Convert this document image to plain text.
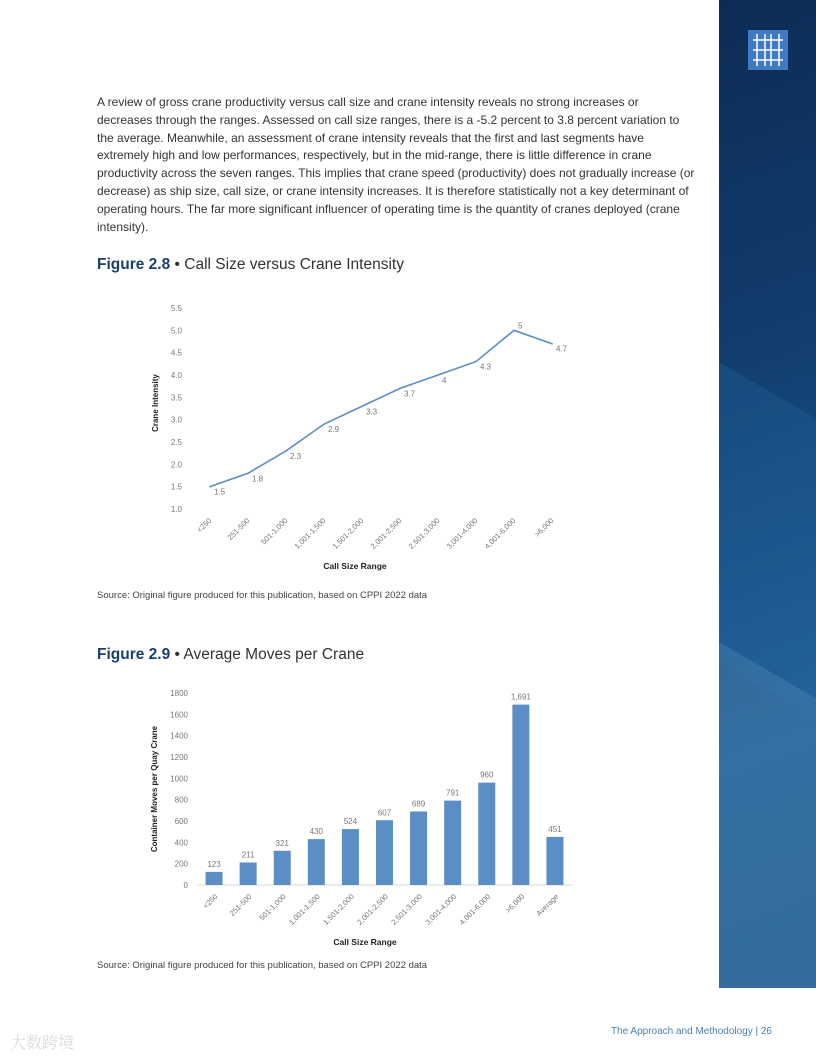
A review of gross crane productivity versus call size and crane intensity reveals no strong increases or decreases through the ranges. Assessed on call size ranges, there is a -5.2 percent to 3.8 percent variation to the average. Meanwhile, an assessment of crane intensity reveals that the first and last segments have extremely high and low performances, respectively, but in the mid-range, there is little difference in crane productivity across the seven ranges. This implies that crane speed (productivity) does not gradually increase (or decrease) as ship size, call size, or crane intensity increases. It is therefore statistically not a key determinant of operating hours. The far more significant influencer of operating time is the quantity of cranes deployed (crane intensity).

Figure 2.8 • Call Size versus Crane Intensity
1.0
1.5
2.0
2.5
3.0
3.5
4.0
4.5
5.0
5.5
1.5
1.8
2.3
2.9
3.3
3.7
4
4.3
5
4.7
<250 251-500 501-1,000 1,001-1,500 1,501-2,000 2,001-2,500 2,501-3,000 3,001-4,000 4,001-6,000 >6,000
Call Size Range
Crane Intensity
Source: Original figure produced for this publication, based on CPPI 2022 data
Figure 2.9 • Average Moves per Crane
0
200
400
600
800
1000
1200
1400
1600
1800
123
211
321
430
524
607
689
791
960
1,691
451
<250 251-500 501-1,000 1,001-1,500 1,501-2,000 2,001-2,500 2,501-3,000 3,001-4,000 4,001-6,000 >6,000 Average
Call Size Range
Container Moves per Quay Crane
Source: Original figure produced for this publication, based on CPPI 2022 data
The Approach and Methodology | 26
大数跨境
